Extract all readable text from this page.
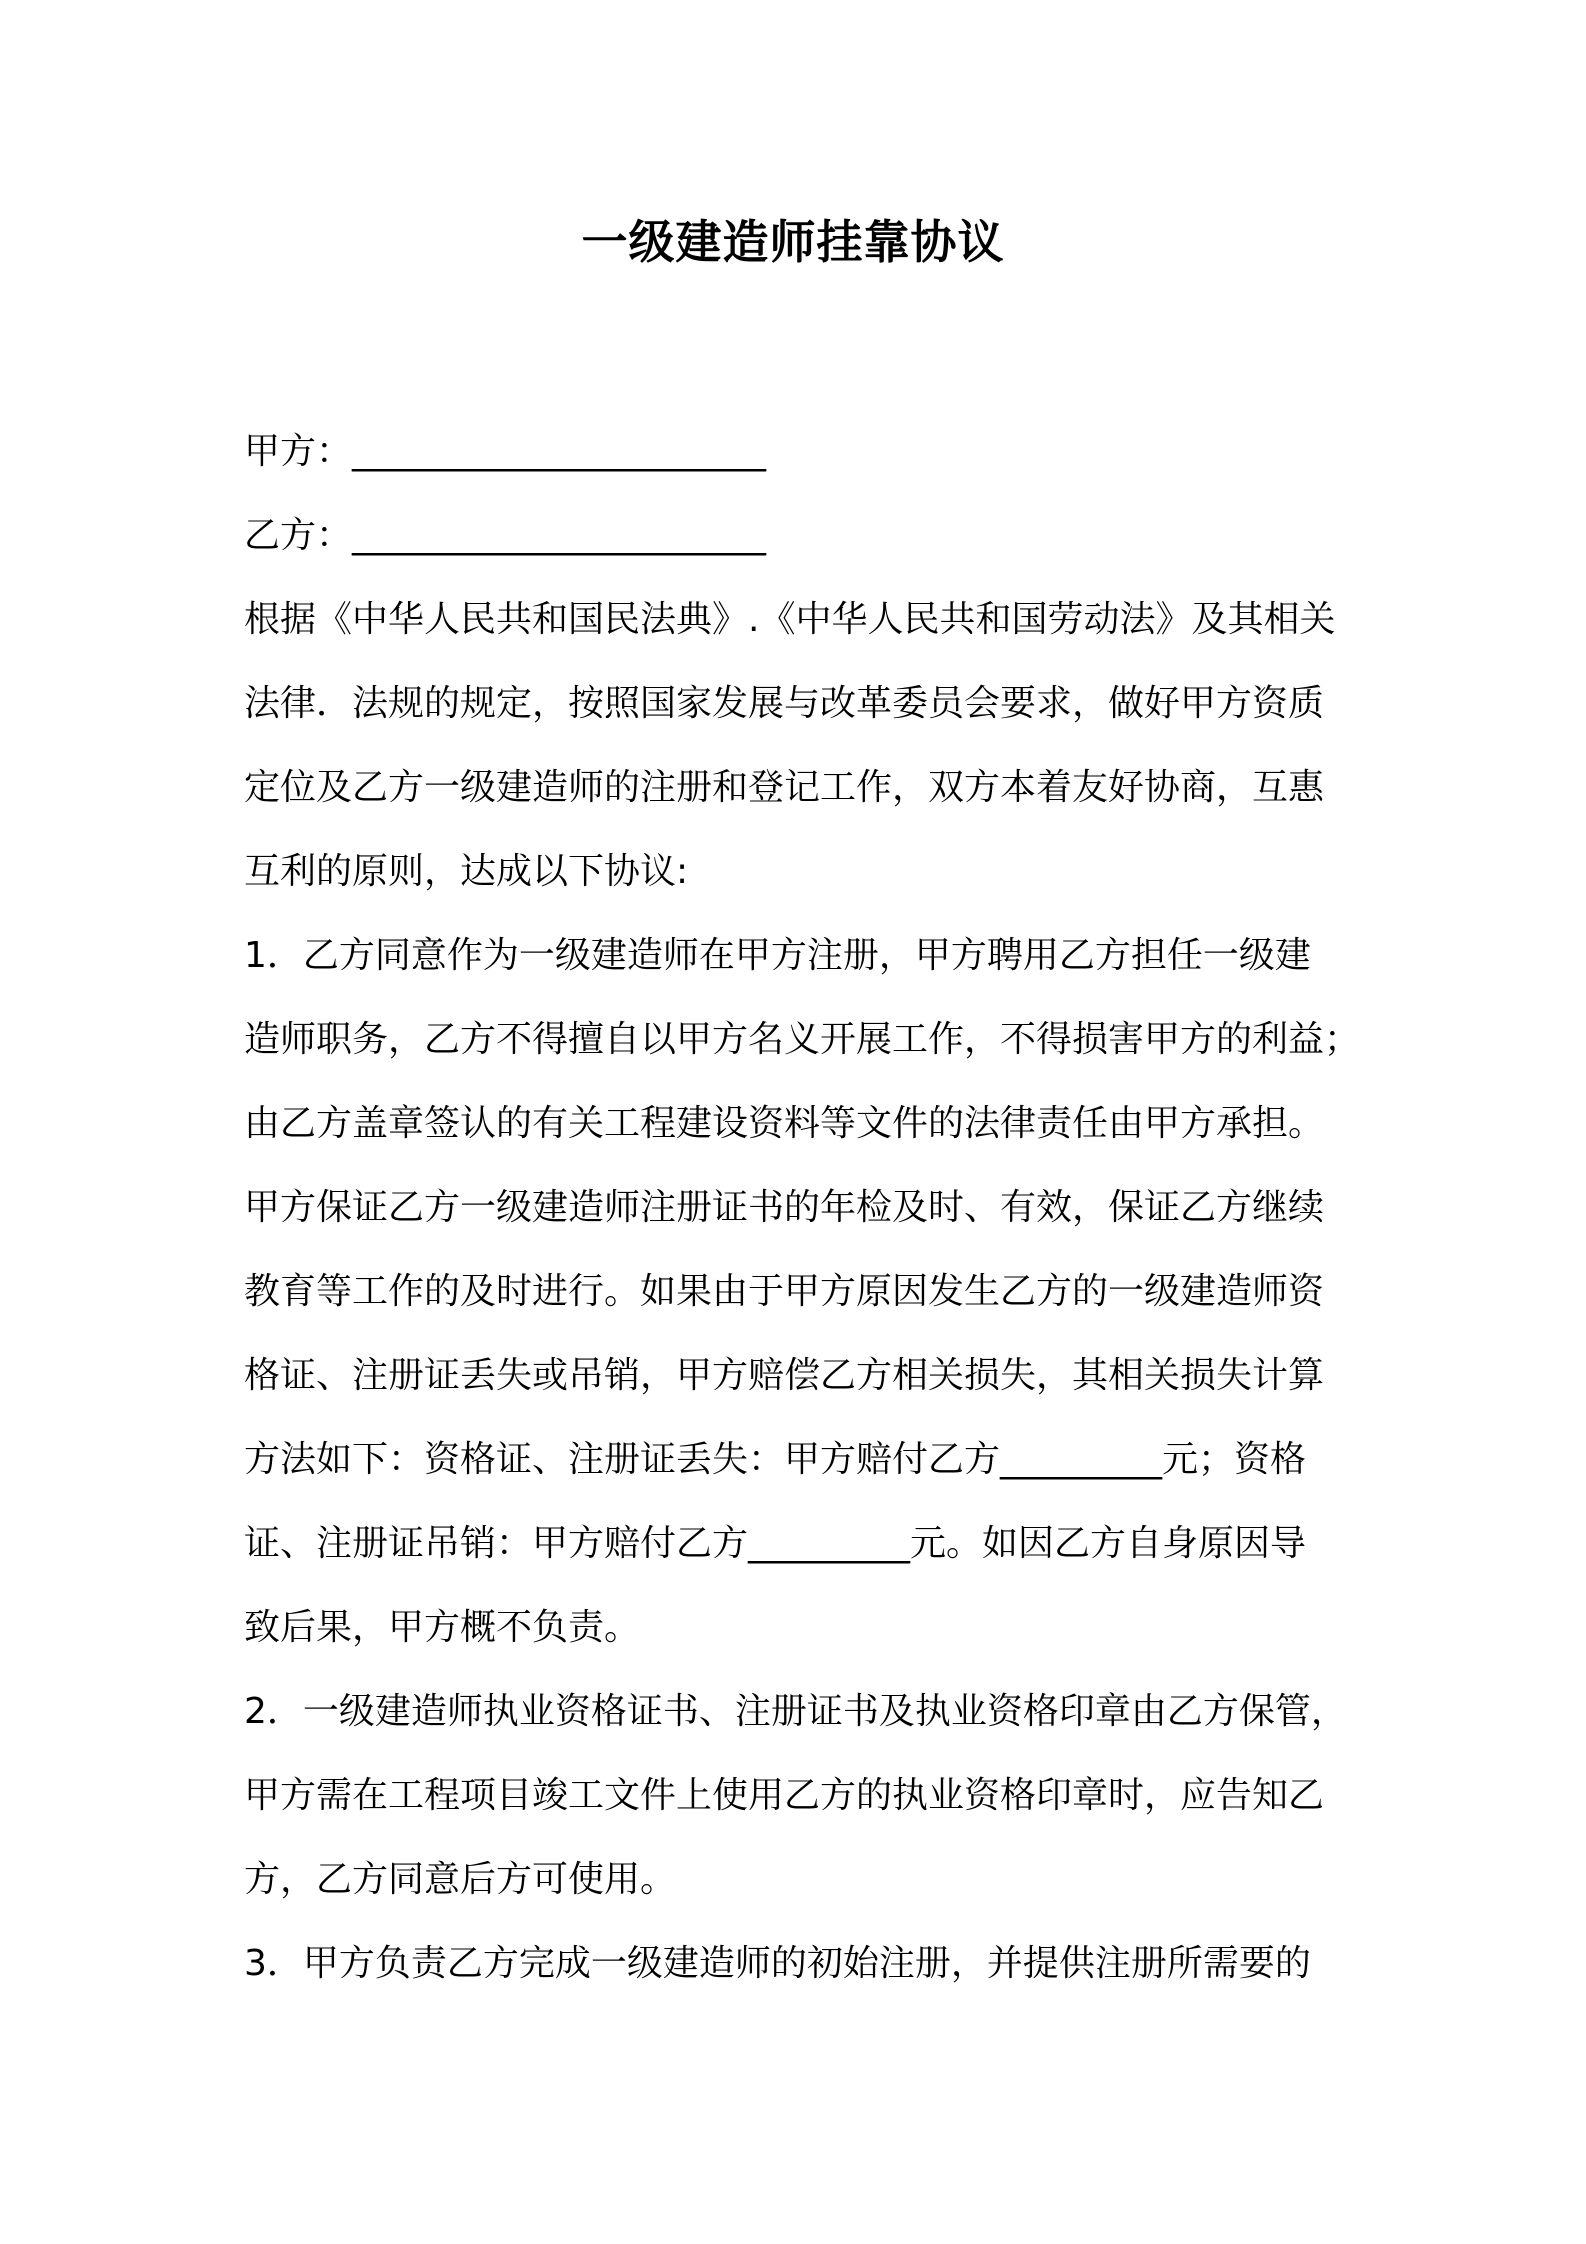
一级建造师挂靠协议
甲方：_______________________
乙方：_______________________
根据《中华人民共和国民法典》.《中华人民共和国劳动法》及其相关
法律．法规的规定，按照国家发展与改革委员会要求，做好甲方资质
定位及乙方一级建造师的注册和登记工作，双方本着友好协商，互惠
互利的原则，达成以下协议:
1．乙方同意作为一级建造师在甲方注册，甲方聘用乙方担任一级建
造师职务，乙方不得擅自以甲方名义开展工作，不得损害甲方的利益；
由乙方盖章签认的有关工程建设资料等文件的法律责任由甲方承担。
甲方保证乙方一级建造师注册证书的年检及时、有效，保证乙方继续
教育等工作的及时进行。如果由于甲方原因发生乙方的一级建造师资
格证、注册证丢失或吊销，甲方赔偿乙方相关损失，其相关损失计算
方法如下：资格证、注册证丢失：甲方赔付乙方_________元；资格
证、注册证吊销：甲方赔付乙方_________元。如因乙方自身原因导
致后果，甲方概不负责。
2．一级建造师执业资格证书、注册证书及执业资格印章由乙方保管，
甲方需在工程项目竣工文件上使用乙方的执业资格印章时，应告知乙
方，乙方同意后方可使用。
3．甲方负责乙方完成一级建造师的初始注册，并提供注册所需要的
